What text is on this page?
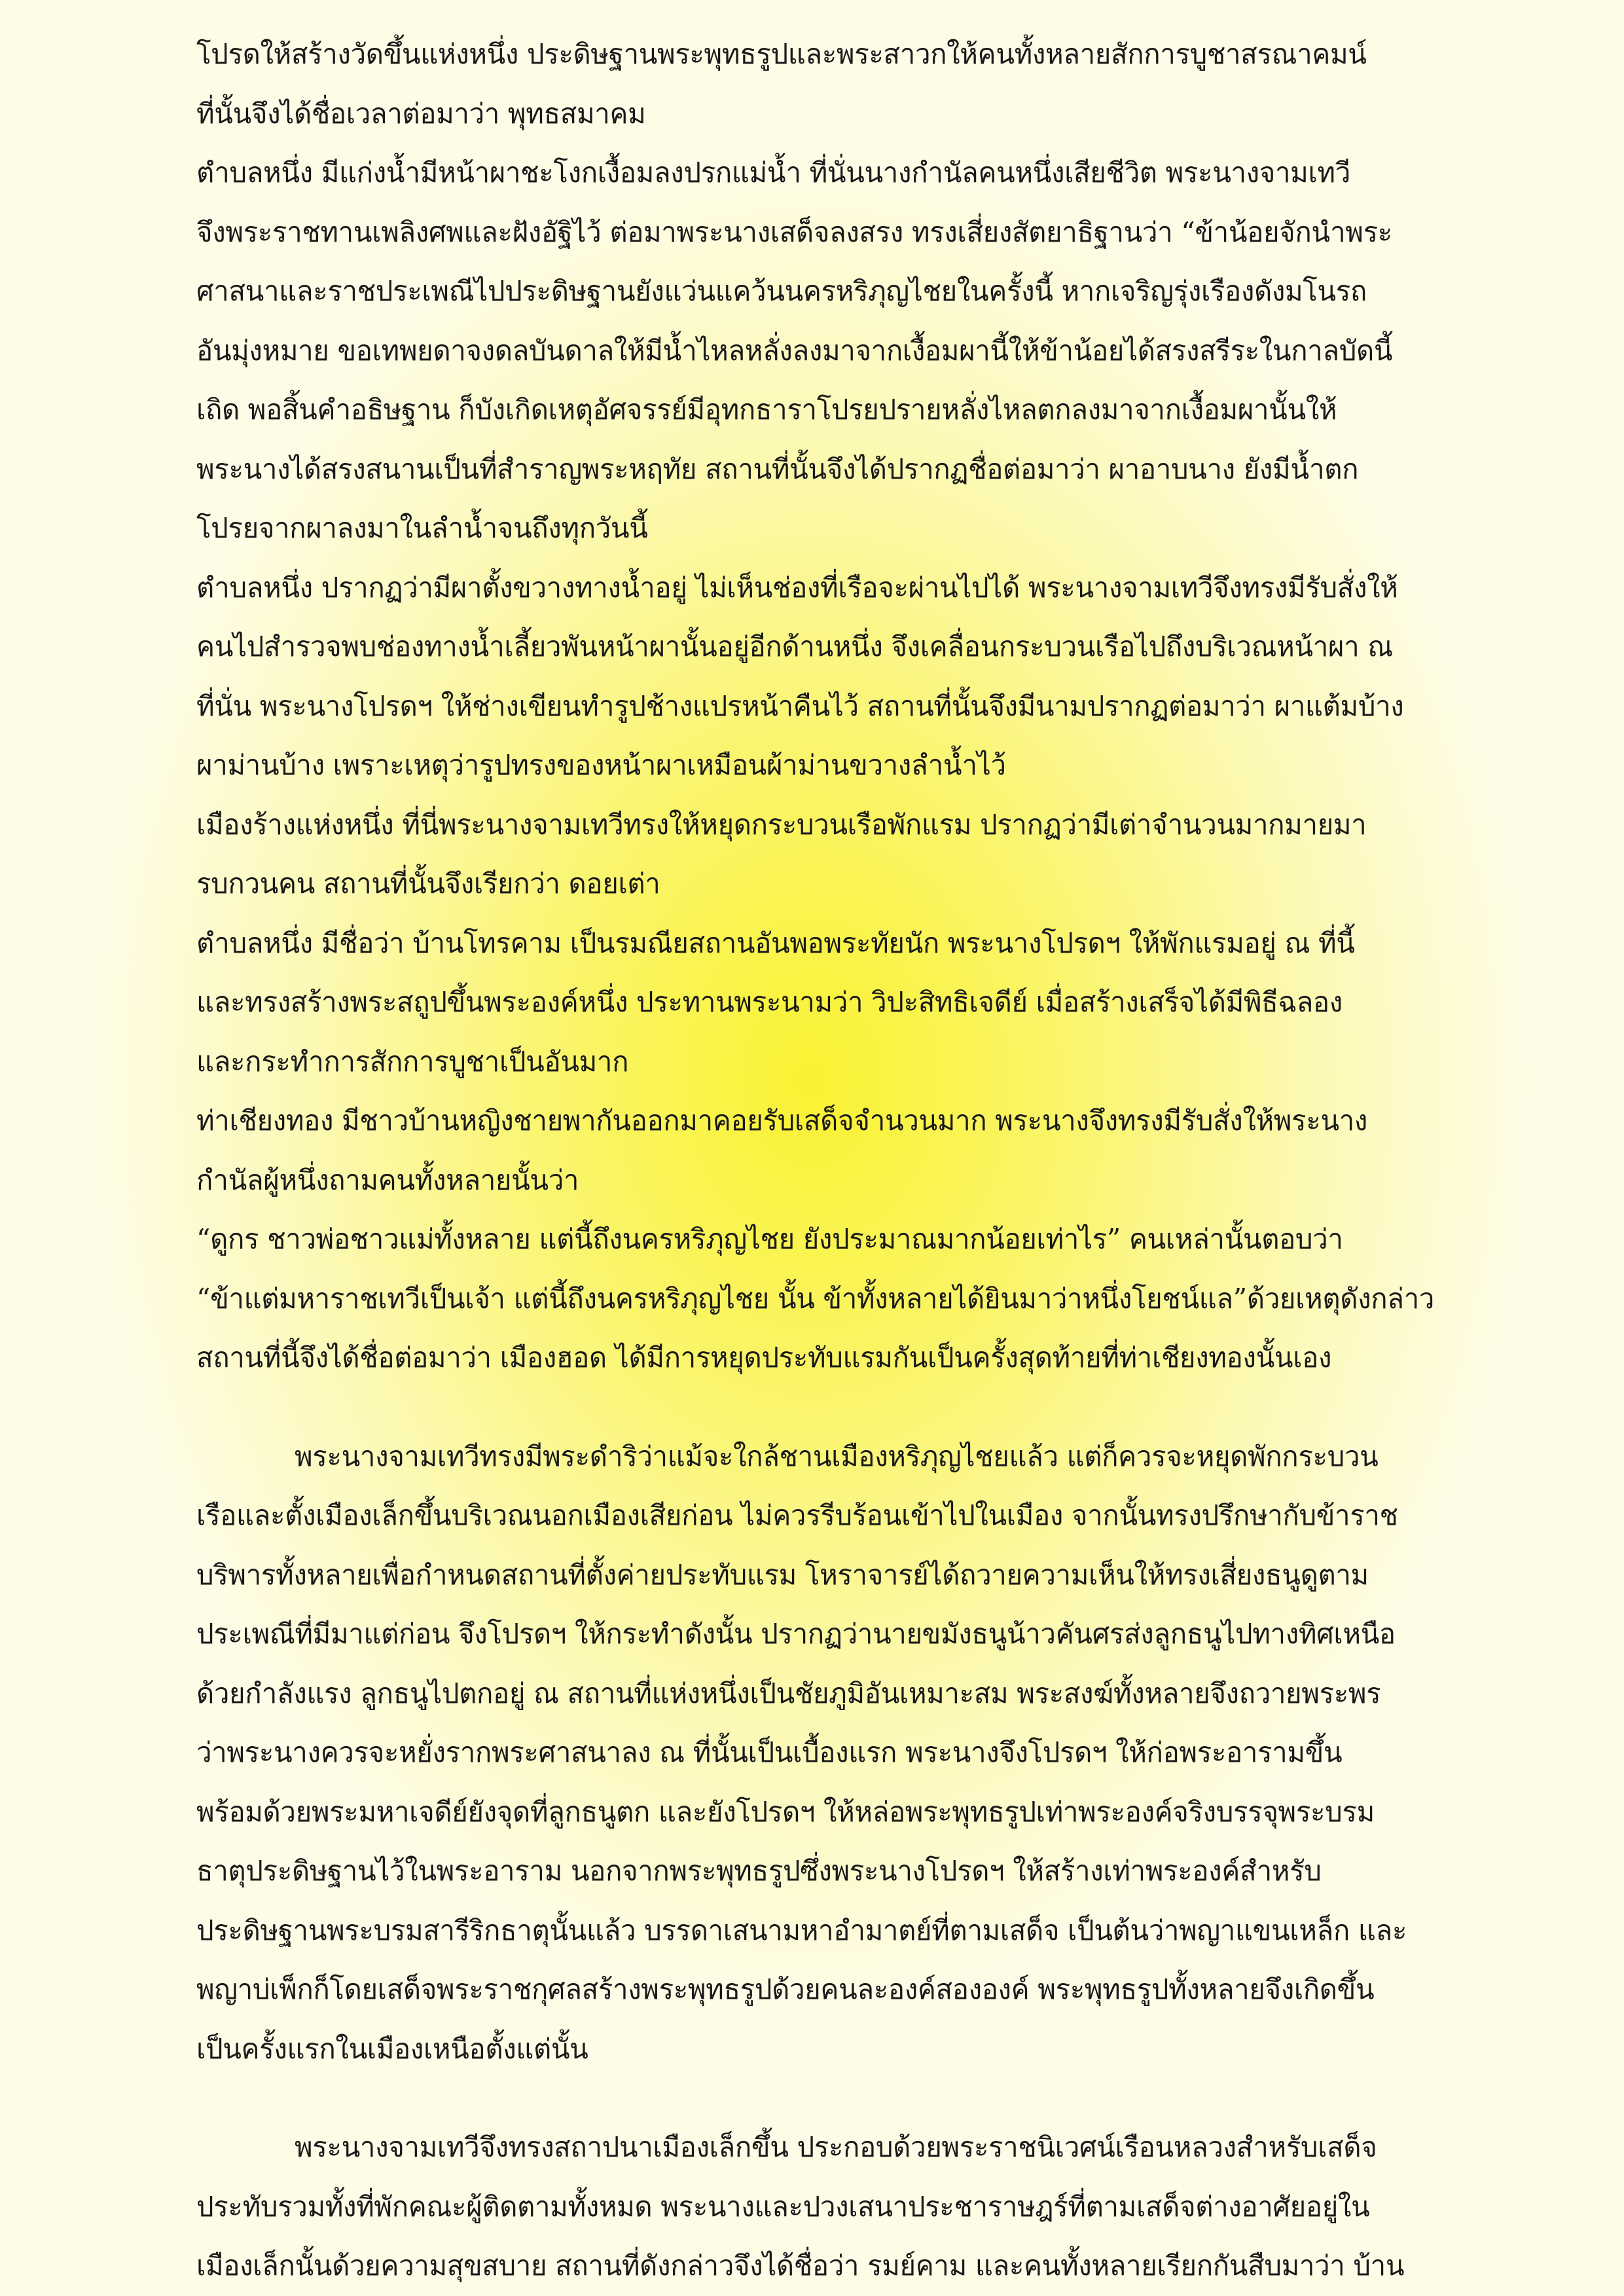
โปรดให้สร้างวัดขึ้นแห่งหนึ่ง ประดิษฐานพระพุทธรูปและพระสาวกให้คนทั้งหลายสักการบูชาสรณาคมน์
ที่นั้นจึงได้ชื่อเวลาต่อมาว่า พุทธสมาคม
ตำบลหนึ่ง มีแก่งน้ำมีหน้าผาชะโงกเงื้อมลงปรกแม่น้ำ ที่นั่นนางกำนัลคนหนึ่งเสียชีวิต พระนางจามเทวี
จึงพระราชทานเพลิงศพและฝังอัฐิไว้ ต่อมาพระนางเสด็จลงสรง ทรงเสี่ยงสัตยาธิฐานว่า “ข้าน้อยจักนำพระ
ศาสนาและราชประเพณีไปประดิษฐานยังแว่นแคว้นนครหริภุญไชยในครั้งนี้ หากเจริญรุ่งเรืองดังมโนรถ
อันมุ่งหมาย ขอเทพยดาจงดลบันดาลให้มีน้ำไหลหลั่งลงมาจากเงื้อมผานี้ให้ข้าน้อยได้สรงสรีระในกาลบัดนี้
เถิด พอสิ้นคำอธิษฐาน ก็บังเกิดเหตุอัศจรรย์มีอุทกธาราโปรยปรายหลั่งไหลตกลงมาจากเงื้อมผานั้นให้
พระนางได้สรงสนานเป็นที่สำราญพระหฤทัย สถานที่นั้นจึงได้ปรากฏชื่อต่อมาว่า ผาอาบนาง ยังมีน้ำตก
โปรยจากผาลงมาในลำน้ำจนถึงทุกวันนี้
ตำบลหนึ่ง ปรากฏว่ามีผาตั้งขวางทางน้ำอยู่ ไม่เห็นช่องที่เรือจะผ่านไปได้ พระนางจามเทวีจึงทรงมีรับสั่งให้
คนไปสำรวจพบช่องทางน้ำเลี้ยวพันหน้าผานั้นอยู่อีกด้านหนึ่ง จึงเคลื่อนกระบวนเรือไปถึงบริเวณหน้าผา ณ
ที่นั่น พระนางโปรดฯ ให้ช่างเขียนทำรูปช้างแปรหน้าคืนไว้ สถานที่นั้นจึงมีนามปรากฏต่อมาว่า ผาแต้มบ้าง
ผาม่านบ้าง เพราะเหตุว่ารูปทรงของหน้าผาเหมือนผ้าม่านขวางลำน้ำไว้
เมืองร้างแห่งหนึ่ง ที่นี่พระนางจามเทวีทรงให้หยุดกระบวนเรือพักแรม ปรากฏว่ามีเต่าจำนวนมากมายมา
รบกวนคน สถานที่นั้นจึงเรียกว่า ดอยเต่า
ตำบลหนึ่ง มีชื่อว่า บ้านโทรคาม เป็นรมณียสถานอันพอพระทัยนัก พระนางโปรดฯ ให้พักแรมอยู่ ณ ที่นี้
และทรงสร้างพระสถูปขึ้นพระองค์หนึ่ง ประทานพระนามว่า วิปะสิทธิเจดีย์ เมื่อสร้างเสร็จได้มีพิธีฉลอง
และกระทำการสักการบูชาเป็นอันมาก
ท่าเชียงทอง มีชาวบ้านหญิงชายพากันออกมาคอยรับเสด็จจำนวนมาก พระนางจึงทรงมีรับสั่งให้พระนาง
กำนัลผู้หนึ่งถามคนทั้งหลายนั้นว่า
“ดูกร ชาวพ่อชาวแม่ทั้งหลาย แต่นี้ถึงนครหริภุญไชย ยังประมาณมากน้อยเท่าไร” คนเหล่านั้นตอบว่า
“ข้าแต่มหาราชเทวีเป็นเจ้า แต่นี้ถึงนครหริภุญไชย นั้น ข้าทั้งหลายได้ยินมาว่าหนึ่งโยชน์แล”ด้วยเหตุดังกล่าว
สถานที่นี้จึงได้ชื่อต่อมาว่า เมืองฮอด ได้มีการหยุดประทับแรมกันเป็นครั้งสุดท้ายที่ท่าเชียงทองนั้นเอง
พระนางจามเทวีทรงมีพระดำริว่าแม้จะใกล้ชานเมืองหริภุญไชยแล้ว แต่ก็ควรจะหยุดพักกระบวน
เรือและตั้งเมืองเล็กขึ้นบริเวณนอกเมืองเสียก่อน ไม่ควรรีบร้อนเข้าไปในเมือง จากนั้นทรงปรึกษากับข้าราช
บริพารทั้งหลายเพื่อกำหนดสถานที่ตั้งค่ายประทับแรม โหราจารย์ได้ถวายความเห็นให้ทรงเสี่ยงธนูดูตาม
ประเพณีที่มีมาแต่ก่อน จึงโปรดฯ ให้กระทำดังนั้น ปรากฏว่านายขมังธนูน้าวคันศรส่งลูกธนูไปทางทิศเหนือ
ด้วยกำลังแรง ลูกธนูไปตกอยู่ ณ สถานที่แห่งหนึ่งเป็นชัยภูมิอันเหมาะสม พระสงฆ์ทั้งหลายจึงถวายพระพร
ว่าพระนางควรจะหยั่งรากพระศาสนาลง ณ ที่นั้นเป็นเบื้องแรก พระนางจึงโปรดฯ ให้ก่อพระอารามขึ้น
พร้อมด้วยพระมหาเจดีย์ยังจุดที่ลูกธนูตก และยังโปรดฯ ให้หล่อพระพุทธรูปเท่าพระองค์จริงบรรจุพระบรม
ธาตุประดิษฐานไว้ในพระอาราม นอกจากพระพุทธรูปซึ่งพระนางโปรดฯ ให้สร้างเท่าพระองค์สำหรับ
ประดิษฐานพระบรมสารีริกธาตุนั้นแล้ว บรรดาเสนามหาอำมาตย์ที่ตามเสด็จ เป็นต้นว่าพญาแขนเหล็ก และ
พญาบ่เพ็กก็โดยเสด็จพระราชกุศลสร้างพระพุทธรูปด้วยคนละองค์สององค์ พระพุทธรูปทั้งหลายจึงเกิดขึ้น
เป็นครั้งแรกในเมืองเหนือตั้งแต่นั้น
พระนางจามเทวีจึงทรงสถาปนาเมืองเล็กขึ้น ประกอบด้วยพระราชนิเวศน์เรือนหลวงสำหรับเสด็จ
ประทับรวมทั้งที่พักคณะผู้ติดตามทั้งหมด พระนางและปวงเสนาประชาราษฎร์ที่ตามเสด็จต่างอาศัยอยู่ใน
เมืองเล็กนั้นด้วยความสุขสบาย สถานที่ดังกล่าวจึงได้ชื่อว่า รมย์คาม และคนทั้งหลายเรียกกันสืบมาว่า บ้าน
